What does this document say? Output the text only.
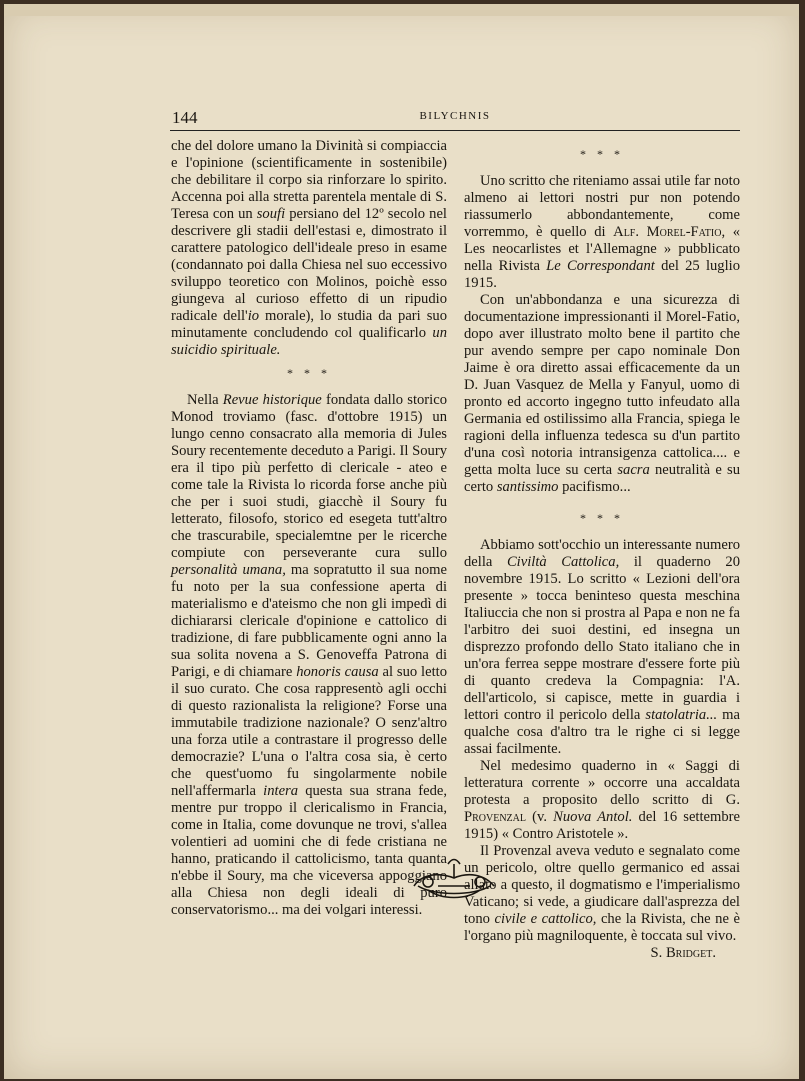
144	BILYCHNIS

che del dolore umano la Divinità si compiaccia e l'opinione (scientificamente in sostenibile) che debilitare il corpo sia rinforzare lo spirito. Accenna poi alla stretta parentela mentale di S. Teresa con un soufi persiano del 12º secolo nel descrivere gli stadii dell'estasi e, dimostrato il carattere patologico dell'ideale preso in esame (condannato poi dalla Chiesa nel suo eccessivo sviluppo teoretico con Molinos, poichè esso giungeva al curioso effetto di un ripudio radicale dell'io morale), lo studia da pari suo minutamente concludendo col qualificarlo un suicidio spirituale.

* * *

Nella Revue historique fondata dallo storico Monod troviamo (fasc. d'ottobre 1915) un lungo cenno consacrato alla memoria di Jules Soury recentemente deceduto a Parigi. Il Soury era il tipo più perfetto di clericale - ateo e come tale la Rivista lo ricorda forse anche più che per i suoi studi, giacchè il Soury fu letterato, filosofo, storico ed esegeta tutt'altro che trascurabile, specialemtne per le ricerche compiute con perseverante cura sullo personalità umana, ma sopratutto il sua nome fu noto per la sua confessione aperta di materialismo e d'ateismo che non gli impedì di dichiararsi clericale d'opinione e cattolico di tradizione, di fare pubblicamente ogni anno la sua solita novena a S. Genoveffa Patrona di Parigi, e di chiamare honoris causa al suo letto il suo curato. Che cosa rappresentò agli occhi di questo razionalista la religione? Forse una immutabile tradizione nazionale? O senz'altro una forza utile a contrastare il progresso delle democrazie? L'una o l'altra cosa sia, è certo che quest'uomo fu singolarmente nobile nell'affermarla intera questa sua strana fede, mentre pur troppo il clericalismo in Francia, come in Italia, come dovunque ne trovi, s'allea volentieri ad uomini che di fede cristiana ne hanno, praticando il cattolicismo, tanta quanta n'ebbe il Soury, ma che viceversa appoggiano alla Chiesa non degli ideali di puro conservatorismo... ma dei volgari interessi.

* * *

Uno scritto che riteniamo assai utile far noto almeno ai lettori nostri pur non potendo riassumerlo abbondantemente, come vorremmo, è quello di Alf. Morel-Fatio, « Les neocarlistes et l'Allemagne » pubblicato nella Rivista Le Correspondant del 25 luglio 1915.

Con un'abbondanza e una sicurezza di documentazione impressionanti il Morel-Fatio, dopo aver illustrato molto bene il partito che pur avendo sempre per capo nominale Don Jaime è ora diretto assai efficacemente da un D. Juan Vasquez de Mella y Fanyul, uomo di pronto ed accorto ingegno tutto infeudato alla Germania ed ostilissimo alla Francia, spiega le ragioni della influenza tedesca su d'un partito d'una così notoria intransigenza cattolica.... e getta molta luce su certa sacra neutralità e su certo santissimo pacifismo...

* * *

Abbiamo sott'occhio un interessante numero della Civiltà Cattolica, il quaderno 20 novembre 1915. Lo scritto « Lezioni dell'ora presente » tocca beninteso questa meschina Italiuccia che non si prostra al Papa e non ne fa l'arbitro dei suoi destini, ed insegna un disprezzo profondo dello Stato italiano che in un'ora ferrea seppe mostrare d'essere forte più di quanto credeva la Compagnia: l'A. dell'articolo, si capisce, mette in guardia i lettori contro il pericolo della statolatria... ma qualche cosa d'altro tra le righe ci si legge assai facilmente.

Nel medesimo quaderno in « Saggi di letteratura corrente » occorre una accaldata protesta a proposito dello scritto di G. Provenzal (v. Nuova Antol. del 16 settembre 1915) « Contro Aristotele ».

Il Provenzal aveva veduto e segnalato come un pericolo, oltre quello germanico ed assai allato a questo, il dogmatismo e l'imperialismo Vaticano; si vede, a giudicare dall'asprezza del tono civile e cattolico, che la Rivista, che ne è l'organo più magniloquente, è toccata sul vivo.

S. Bridget.
